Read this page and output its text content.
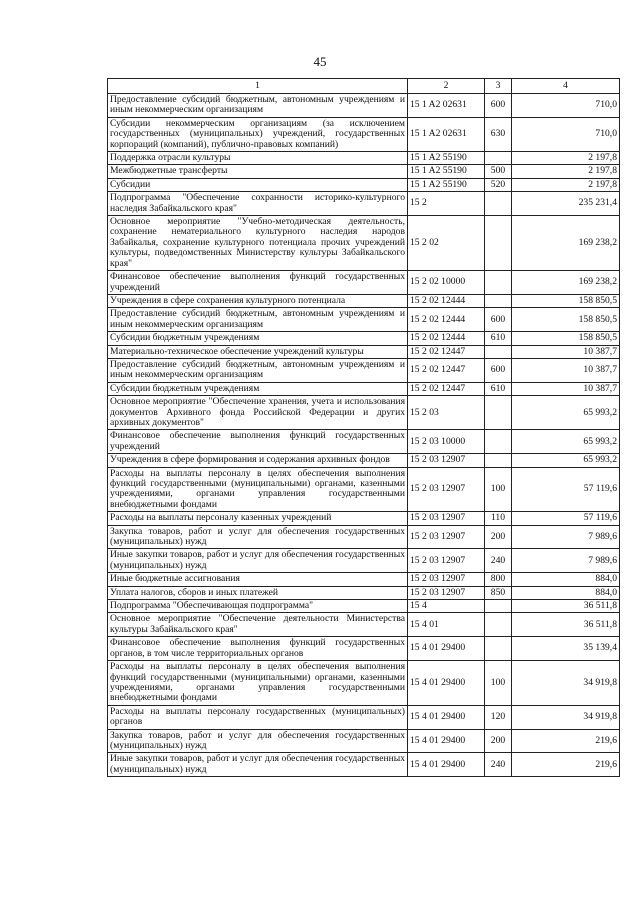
45
1	2	3	4
Предоставление субсидий бюджетным, автономным учреждениям и иным некоммерческим организациям	15 1 A2 02631	600	710,0
Субсидии некоммерческим организациям (за исключением государственных (муниципальных) учреждений, государственных корпораций (компаний), публично-правовых компаний)	15 1 A2 02631	630	710,0
Поддержка отрасли культуры	15 1 A2 55190		2 197,8
Межбюджетные трансферты	15 1 A2 55190	500	2 197,8
Субсидии	15 1 A2 55190	520	2 197,8
Подпрограмма "Обеспечение сохранности историко-культурного наследия Забайкальского края"	15 2		235 231,4
Основное мероприятие "Учебно-методическая деятельность, сохранение нематериального культурного наследия народов Забайкалья, сохранение культурного потенциала прочих учреждений культуры, подведомственных Министерству культуры Забайкальского края"	15 2 02		169 238,2
Финансовое обеспечение выполнения функций государственных учреждений	15 2 02 10000		169 238,2
Учреждения в сфере сохранения культурного потенциала	15 2 02 12444		158 850,5
Предоставление субсидий бюджетным, автономным учреждениям и иным некоммерческим организациям	15 2 02 12444	600	158 850,5
Субсидии бюджетным учреждениям	15 2 02 12444	610	158 850,5
Материально-техническое обеспечение учреждений культуры	15 2 02 12447		10 387,7
Предоставление субсидий бюджетным, автономным учреждениям и иным некоммерческим организациям	15 2 02 12447	600	10 387,7
Субсидии бюджетным учреждениям	15 2 02 12447	610	10 387,7
Основное мероприятие "Обеспечение хранения, учета и использования документов Архивного фонда Российской Федерации и других архивных документов"	15 2 03		65 993,2
Финансовое обеспечение выполнения функций государственных учреждений	15 2 03 10000		65 993,2
Учреждения в сфере формирования и содержания архивных фондов	15 2 03 12907		65 993,2
Расходы на выплаты персоналу в целях обеспечения выполнения функций государственными (муниципальными) органами, казенными учреждениями, органами управления государственными внебюджетными фондами	15 2 03 12907	100	57 119,6
Расходы на выплаты персоналу казенных учреждений	15 2 03 12907	110	57 119,6
Закупка товаров, работ и услуг для обеспечения государственных (муниципальных) нужд	15 2 03 12907	200	7 989,6
Иные закупки товаров, работ и услуг для обеспечения государственных (муниципальных) нужд	15 2 03 12907	240	7 989,6
Иные бюджетные ассигнования	15 2 03 12907	800	884,0
Уплата налогов, сборов и иных платежей	15 2 03 12907	850	884,0
Подпрограмма "Обеспечивающая подпрограмма"	15 4		36 511,8
Основное мероприятие "Обеспечение деятельности Министерства культуры Забайкальского края"	15 4 01		36 511,8
Финансовое обеспечение выполнения функций государственных органов, в том числе территориальных органов	15 4 01 29400		35 139,4
Расходы на выплаты персоналу в целях обеспечения выполнения функций государственными (муниципальными) органами, казенными учреждениями, органами управления государственными внебюджетными фондами	15 4 01 29400	100	34 919,8
Расходы на выплаты персоналу государственных (муниципальных) органов	15 4 01 29400	120	34 919,8
Закупка товаров, работ и услуг для обеспечения государственных (муниципальных) нужд	15 4 01 29400	200	219,6
Иные закупки товаров, работ и услуг для обеспечения государственных (муниципальных) нужд	15 4 01 29400	240	219,6
